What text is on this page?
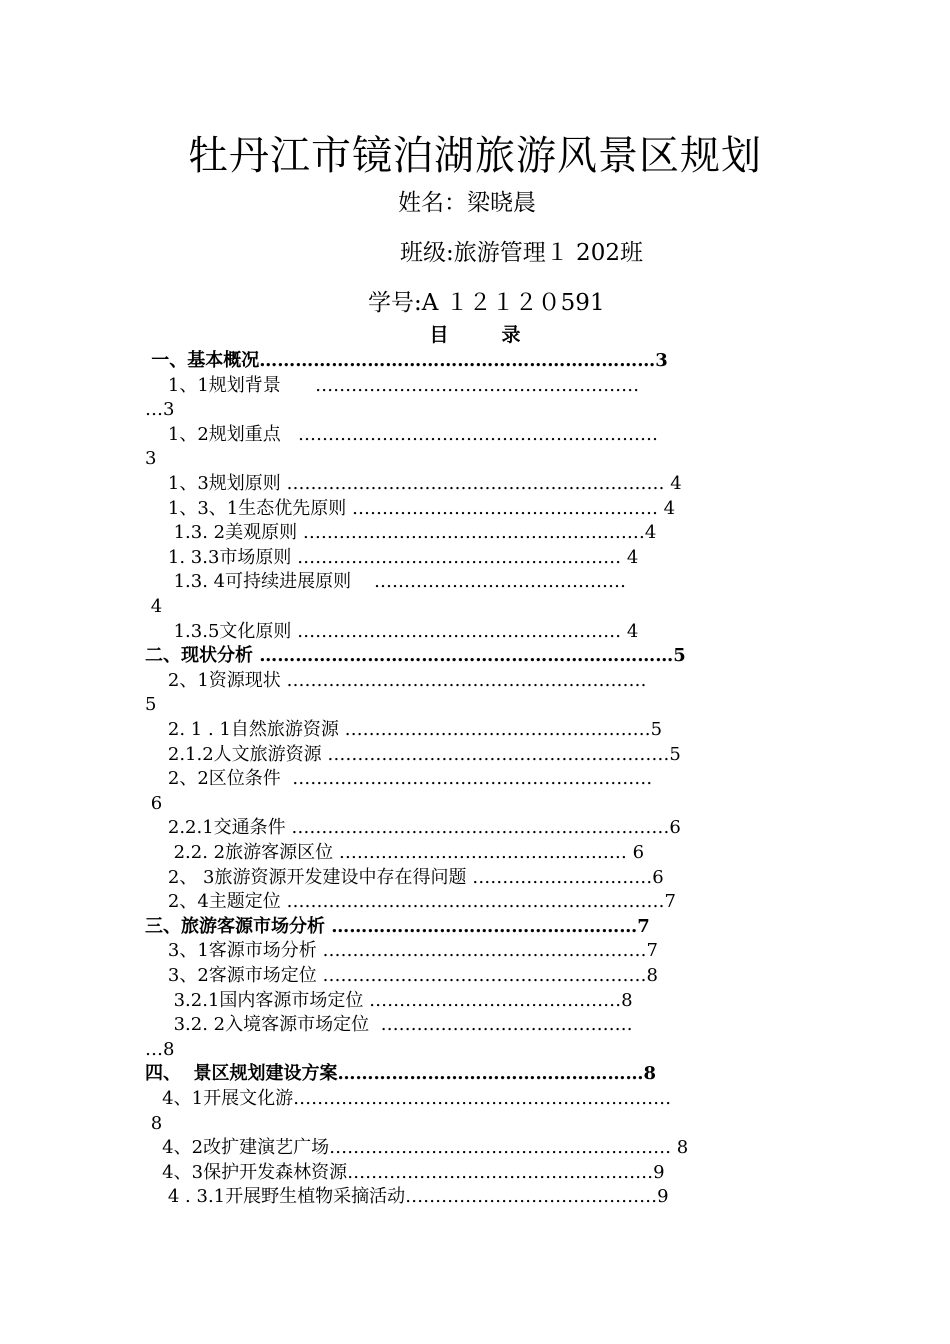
牡丹江市镜泊湖旅游风景区规划
姓名：梁晓晨
班级:旅游管理１ 202班
学号:A １２１２０591
目        录
一、基本概况…………………………………………………………3
1、1规划背景      ………………………………………………
…3
1、2规划重点   ……………………………………………………
3
1、3规划原则 ……………………………………………………… 4
1、3、1生态优先原则 …………………………………………… 4
1.3. 2美观原则 …………………………………………………4
1. 3.3市场原则 ……………………………………………… 4
1.3. 4可持续进展原则    ……………………………………
4
1.3.5文化原则 ……………………………………………… 4
二、现状分析 ……………………………………………………………5
2、1资源现状 ……………………………………………………
5
2. 1 . 1自然旅游资源 ……………………………………………5
2.1.2人文旅游资源 …………………………………………………5
2、2区位条件  ……………………………………………………
6
2.2.1交通条件 ………………………………………………………6
2.2. 2旅游客源区位 ………………………………………… 6
2、 3旅游资源开发建设中存在得问题 …………………………6
2、4主题定位 ………………………………………………………7
三、旅游客源市场分析 ……………………………………………7
3、1客源市场分析 ………………………………………………7
3、2客源市场定位 ………………………………………………8
3.2.1国内客源市场定位 ……………………………………8
3.2. 2入境客源市场定位  ……………………………………
…8
四、  景区规划建设方案……………………………………………8
4、1开展文化游………………………………………………………
8
4、2改扩建演艺广场………………………………………………… 8
4、3保护开发森林资源……………………………………………9
4 . 3.1开展野生植物采摘活动……………………………………9
